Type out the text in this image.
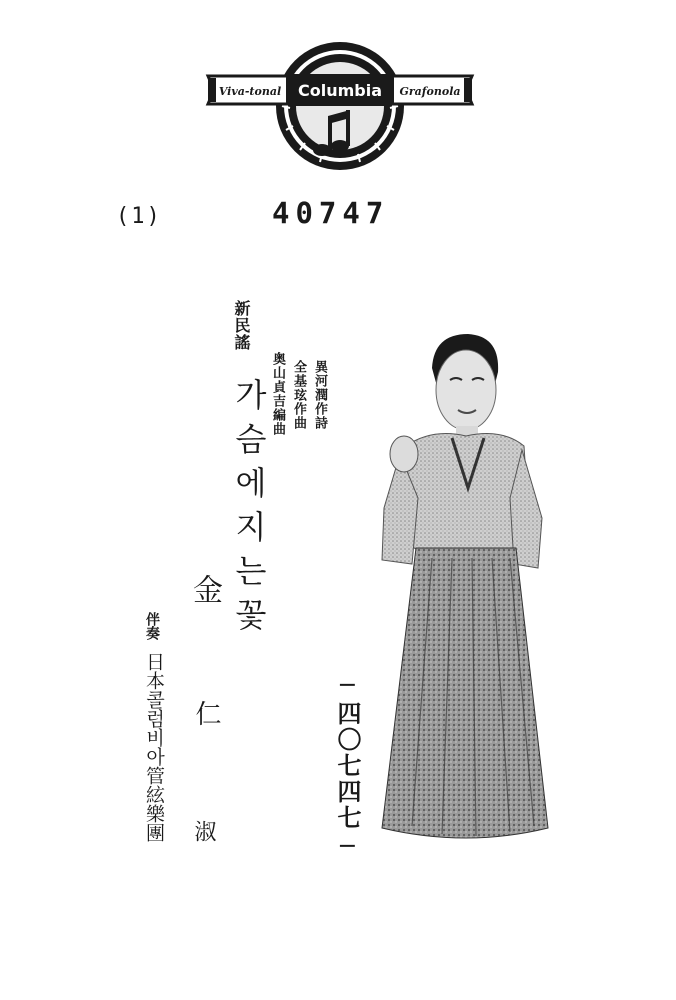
Columbia
Viva-tonal	Grafonola
(1)	40747
新民謠
가슴에지는꽃	異河潤作詩
全基玹作曲
奥山貞吉編曲
金
仁
淑
伴奏
日本콜럼비아管絃樂團	─四〇七四七─
